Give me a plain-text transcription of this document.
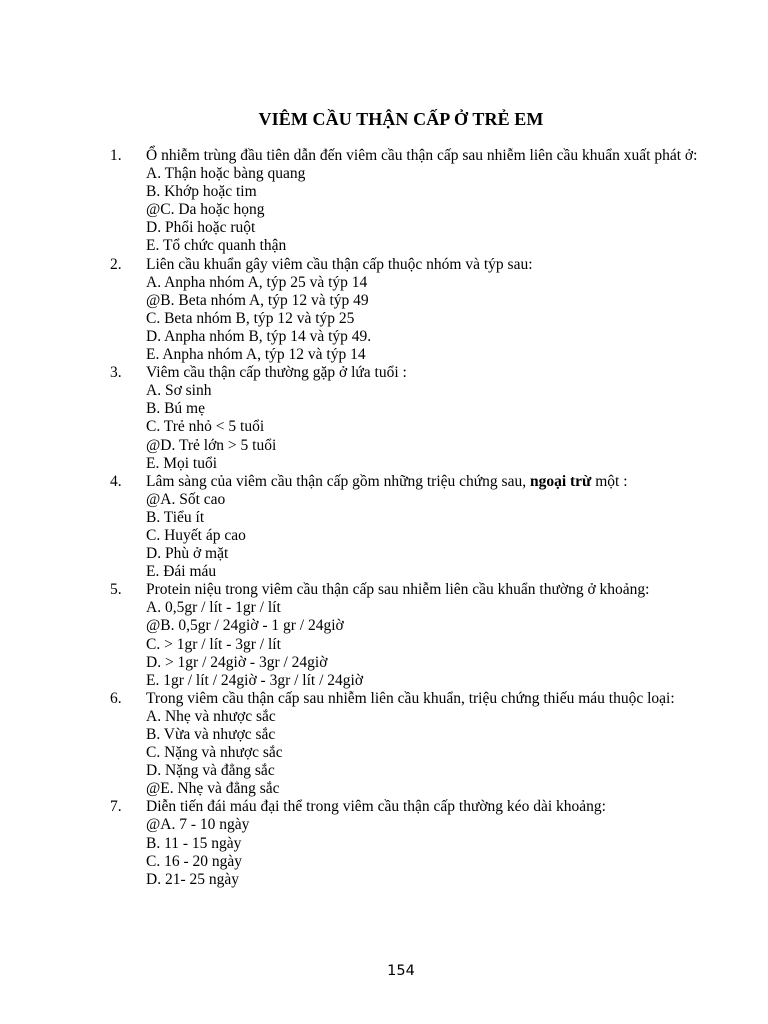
VIÊM CẦU THẬN CẤP Ở TRẺ EM
1. Ổ nhiễm trùng đầu tiên dẫn đến viêm cầu thận cấp sau nhiễm liên cầu khuẩn xuất phát ở:
A. Thận hoặc bàng quang
B. Khớp hoặc tim
@C. Da hoặc họng
D. Phổi hoặc ruột
E. Tổ chức quanh thận
2. Liên cầu khuẩn gây viêm cầu thận cấp thuộc nhóm và týp sau:
A. Anpha nhóm A, týp 25 và týp 14
@B. Beta nhóm A, týp 12 và týp 49
C. Beta nhóm B, týp 12 và týp 25
D. Anpha nhóm B, týp 14 và týp 49.
E. Anpha nhóm A, týp 12 và týp 14
3. Viêm cầu thận cấp thường gặp ở lứa tuổi :
A. Sơ sinh
B. Bú mẹ
C. Trẻ nhỏ < 5 tuổi
@D. Trẻ lớn > 5 tuổi
E. Mọi tuổi
4. Lâm sàng của viêm cầu thận cấp gồm những triệu chứng sau, ngoại trừ một :
@A. Sốt cao
B. Tiểu ít
C. Huyết áp cao
D. Phù ở mặt
E. Đái máu
5. Protein niệu trong viêm cầu thận cấp sau nhiễm liên cầu khuẩn thường ở khoảng:
A. 0,5gr / lít - 1gr / lít
@B. 0,5gr / 24giờ - 1 gr / 24giờ
C. > 1gr / lít - 3gr / lít
D. > 1gr / 24giờ - 3gr / 24giờ
E. 1gr / lít / 24giờ - 3gr / lít / 24giờ
6. Trong viêm cầu thận cấp sau nhiễm liên cầu khuẩn, triệu chứng thiếu máu thuộc loại:
A. Nhẹ và nhược sắc
B. Vừa và nhược sắc
C. Nặng và nhược sắc
D. Nặng và đẳng sắc
@E. Nhẹ và đẳng sắc
7. Diễn tiến đái máu đại thể trong viêm cầu thận cấp thường kéo dài khoảng:
@A. 7 - 10 ngày
B. 11 - 15 ngày
C. 16 - 20 ngày
D. 21- 25 ngày
154
